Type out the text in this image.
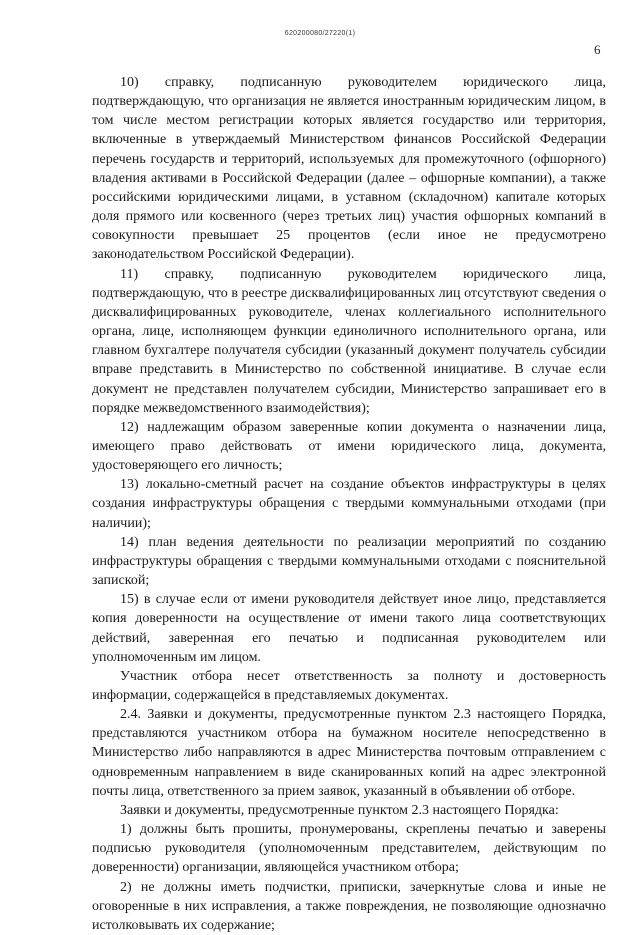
620200080/27220(1)
6

10) справку, подписанную руководителем юридического лица, подтверждающую, что организация не является иностранным юридическим лицом, в том числе местом регистрации которых является государство или территория, включенные в утверждаемый Министерством финансов Российской Федерации перечень государств и территорий, используемых для промежуточного (офшорного) владения активами в Российской Федерации (далее – офшорные компании), а также российскими юридическими лицами, в уставном (складочном) капитале которых доля прямого или косвенного (через третьих лиц) участия офшорных компаний в совокупности превышает 25 процентов (если иное не предусмотрено законодательством Российской Федерации).

11) справку, подписанную руководителем юридического лица, подтверждающую, что в реестре дисквалифицированных лиц отсутствуют сведения о дисквалифицированных руководителе, членах коллегиального исполнительного органа, лице, исполняющем функции единоличного исполнительного органа, или главном бухгалтере получателя субсидии (указанный документ получатель субсидии вправе представить в Министерство по собственной инициативе. В случае если документ не представлен получателем субсидии, Министерство запрашивает его в порядке межведомственного взаимодействия);

12) надлежащим образом заверенные копии документа о назначении лица, имеющего право действовать от имени юридического лица, документа, удостоверяющего его личность;

13) локально-сметный расчет на создание объектов инфраструктуры в целях создания инфраструктуры обращения с твердыми коммунальными отходами (при наличии);

14) план ведения деятельности по реализации мероприятий по созданию инфраструктуры обращения с твердыми коммунальными отходами с пояснительной запиской;

15) в случае если от имени руководителя действует иное лицо, представляется копия доверенности на осуществление от имени такого лица соответствующих действий, заверенная его печатью и подписанная руководителем или уполномоченным им лицом.

Участник отбора несет ответственность за полноту и достоверность информации, содержащейся в представляемых документах.

2.4. Заявки и документы, предусмотренные пунктом 2.3 настоящего Порядка, представляются участником отбора на бумажном носителе непосредственно в Министерство либо направляются в адрес Министерства почтовым отправлением с одновременным направлением в виде сканированных копий на адрес электронной почты лица, ответственного за прием заявок, указанный в объявлении об отборе.

Заявки и документы, предусмотренные пунктом 2.3 настоящего Порядка:

1) должны быть прошиты, пронумерованы, скреплены печатью и заверены подписью руководителя (уполномоченным представителем, действующим по доверенности) организации, являющейся участником отбора;

2) не должны иметь подчистки, приписки, зачеркнутые слова и иные не оговоренные в них исправления, а также повреждения, не позволяющие однозначно истолковывать их содержание;
